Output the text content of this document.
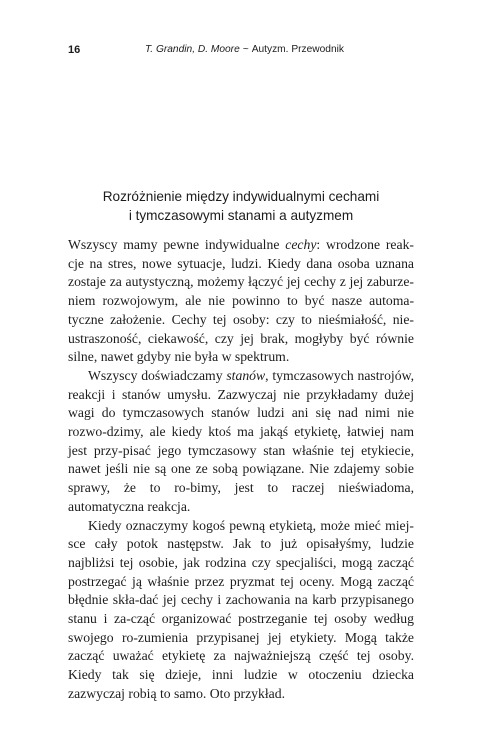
16	T. Grandin, D. Moore ~ Autyzm. Przewodnik
Rozróżnienie między indywidualnymi cechami
i tymczasowymi stanami a autyzmem

Wszyscy mamy pewne indywidualne cechy: wrodzone reak-cje na stres, nowe sytuacje, ludzi. Kiedy dana osoba uznana zostaje za autystyczną, możemy łączyć jej cechy z jej zaburze-niem rozwojowym, ale nie powinno to być nasze automa-tyczne założenie. Cechy tej osoby: czy to nieśmiałość, nie-ustraszoność, ciekawość, czy jej brak, mogłyby być równie silne, nawet gdyby nie była w spektrum.

Wszyscy doświadczamy stanów, tymczasowych nastrojów, reakcji i stanów umysłu. Zazwyczaj nie przykładamy dużej wagi do tymczasowych stanów ludzi ani się nad nimi nie rozwo-dzimy, ale kiedy ktoś ma jakąś etykietę, łatwiej nam jest przy-pisać jego tymczasowy stan właśnie tej etykiecie, nawet jeśli nie są one ze sobą powiązane. Nie zdajemy sobie sprawy, że to ro-bimy, jest to raczej nieświadoma, automatyczna reakcja.

Kiedy oznaczymy kogoś pewną etykietą, może mieć miej-sce cały potok następstw. Jak to już opisałyśmy, ludzie najbliżsi tej osobie, jak rodzina czy specjaliści, mogą zacząć postrzegać ją właśnie przez pryzmat tej oceny. Mogą zacząć błędnie skła-dać jej cechy i zachowania na karb przypisanego stanu i za-cząć organizować postrzeganie tej osoby według swojego ro-zumienia przypisanej jej etykiety. Mogą także zacząć uważać etykietę za najważniejszą część tej osoby. Kiedy tak się dzieje, inni ludzie w otoczeniu dziecka zazwyczaj robią to samo. Oto przykład.
